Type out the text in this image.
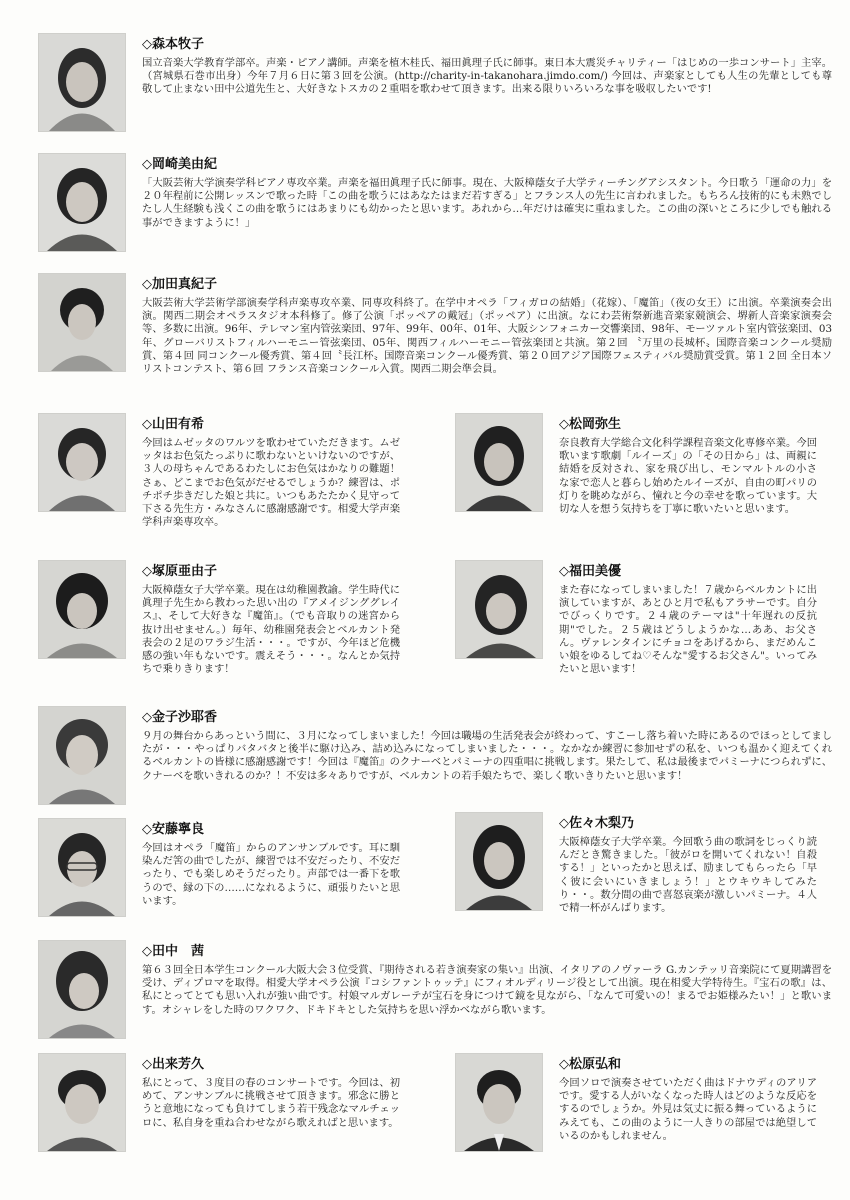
◇森本牧子

国立音楽大学教育学部卒。声楽・ピアノ講師。声楽を植木桂氏、福田眞理子氏に師事。東日本大震災チャリティー「はじめの一歩コンサート」主宰。（宮城県石巻市出身）今年７月６日に第３回を公演。(http://charity-in-takanohara.jimdo.com/) 今回は、声楽家としても人生の先輩としても尊敬して止まない田中公道先生と、大好きなトスカの２重唱を歌わせて頂きます。出来る限りいろいろな事を吸収したいです!

◇岡崎美由紀

「大阪芸術大学演奏学科ピアノ専攻卒業。声楽を福田眞理子氏に師事。現在、大阪樟蔭女子大学ティーチングアシスタント。今日歌う「運命の力」を２０年程前に公開レッスンで歌った時「この曲を歌うにはあなたはまだ若すぎる」とフランス人の先生に言われました。もちろん技術的にも未熟でしたし人生経験も浅くこの曲を歌うにはあまりにも幼かったと思います。あれから…年だけは確実に重ねました。この曲の深いところに少しでも触れる事ができますように！」

◇加田真紀子

大阪芸術大学芸術学部演奏学科声楽専攻卒業、同専攻科終了。在学中オペラ「フィガロの結婚」（花嫁）、「魔笛」（夜の女王）に出演。卒業演奏会出演。関西二期会オペラスタジオ本科修了。修了公演「ポッペアの戴冠」（ポッペア）に出演。なにわ芸術祭新進音楽家競演会、堺新人音楽家演奏会等、多数に出演。96年、テレマン室内管弦楽団、97年、99年、00年、01年、大阪シンフォニカー交響楽団、98年、モーツァルト室内管弦楽団、03年、グローバリストフィルハーモニー管弦楽団、05年、関西フィルハーモニー管弦楽団と共演。第２回 〝万里の長城杯〟国際音楽コンクール奨励賞、第４回 同コンクール優秀賞、第４回〝長江杯〟国際音楽コンクール優秀賞、第２０回アジア国際フェスティバル奨励賞受賞。第１２回 全日本ソリストコンテスト、第６回 フランス音楽コンクール入賞。関西二期会準会員。

◇山田有希

今回はムゼッタのワルツを歌わせていただきます。ムゼッタはお色気たっぷりに歌わないといけないのですが、３人の母ちゃんであるわたしにお色気はかなりの難題！さぁ、どこまでお色気がだせるでしょうか？練習は、ポチポチ歩きだした娘と共に。いつもあたたかく見守って下さる先生方・みなさんに感謝感謝です。相愛大学声楽学科声楽専攻卒。

◇松岡弥生

奈良教育大学総合文化科学課程音楽文化専修卒業。今回歌います歌劇「ルイーズ」の「その日から」は、両親に結婚を反対され、家を飛び出し、モンマルトルの小さな家で恋人と暮らし始めたルイーズが、自由の町パリの灯りを眺めながら、憧れと今の幸せを歌っています。大切な人を想う気持ちを丁寧に歌いたいと思います。

◇塚原亜由子

大阪樟蔭女子大学卒業。現在は幼稚園教諭。学生時代に眞理子先生から教わった思い出の『アメイジンググレイス』、そして大好きな『魔笛』。（でも音取りの迷宮から抜け出せません。）毎年、幼稚園発表会とベルカント発表会の２足のワラジ生活・・・。ですが、今年ほど危機感の強い年もないです。震えそう・・・。なんとか気持ちで乗りきります！

◇福田美優

また春になってしまいました！７歳からベルカントに出演していますが、あとひと月で私もアラサーです。自分でびっくりです。２４歳のテーマは"十年遅れの反抗期"でした。２５歳はどうしようかな…ああ、お父さん。ヴァレンタインにチョコをあげるから、まだめんこい娘をゆるしてね♡そんな"愛するお父さん"。いってみたいと思います！

◇金子沙耶香

９月の舞台からあっという間に、３月になってしまいました！今回は職場の生活発表会が終わって、すこーし落ち着いた時にあるのでほっとしてましたが・・・やっぱりバタバタと後半に駆け込み、詰め込みになってしまいました・・・。なかなか練習に参加せずの私を、いつも温かく迎えてくれるベルカントの皆様に感謝感謝です！今回は『魔笛』のクナーベとパミーナの四重唱に挑戦します。果たして、私は最後までパミーナにつられずに、クナーベを歌いきれるのか？！不安は多々ありですが、ベルカントの若手娘たちで、楽しく歌いきりたいと思います！

◇安藤寧良

今回はオペラ「魔笛」からのアンサンブルです。耳に馴染んだ筈の曲でしたが、練習では不安だったり、不安だったり、でも楽しめそうだったり。声部では一番下を歌うので、縁の下の……になれるように、頑張りたいと思います。

◇佐々木梨乃

大阪樟蔭女子大学卒業。今回歌う曲の歌詞をじっくり読んだとき驚きました。「彼がロを開いてくれない！自殺する！」といったかと思えば、励ましてもらったら「早く彼に会いにいきましょう！」とウキウキしてみたり・・。数分間の曲で喜怒哀楽が激しいパミーナ。４人で精一杯がんばります。

◇田中　茜

第６３回全日本学生コンクール大阪大会３位受賞、『期待される若き演奏家の集い』出演、イタリアのノヴァーラ G.カンテッリ音楽院にて夏期講習を受け、ディプロマを取得。相愛大学オペラ公演『コシファントゥッテ』にフィオルディリージ役として出演。現在相愛大学特待生。『宝石の歌』は、私にとってとても思い入れが強い曲です。村娘マルガレーテが宝石を身につけて鏡を見ながら、「なんて可愛いの！まるでお姫様みたい！」と歌います。オシャレをした時のワクワク、ドキドキとした気持ちを思い浮かべながら歌います。

◇出来芳久

私にとって、３度目の春のコンサートです。今回は、初めて、アンサンブルに挑戦させて頂きます。邪念に勝とうと意地になっても負けてしまう若干残念なマルチェッロに、私自身を重ね合わせながら歌えればと思います。

◇松原弘和

今回ソロで演奏させていただく曲はドナウディのアリアです。愛する人がいなくなった時人はどのような反応をするのでしょうか。外見は気丈に振る舞っているようにみえても、この曲のように一人きりの部屋では絶望しているのかもしれません。
